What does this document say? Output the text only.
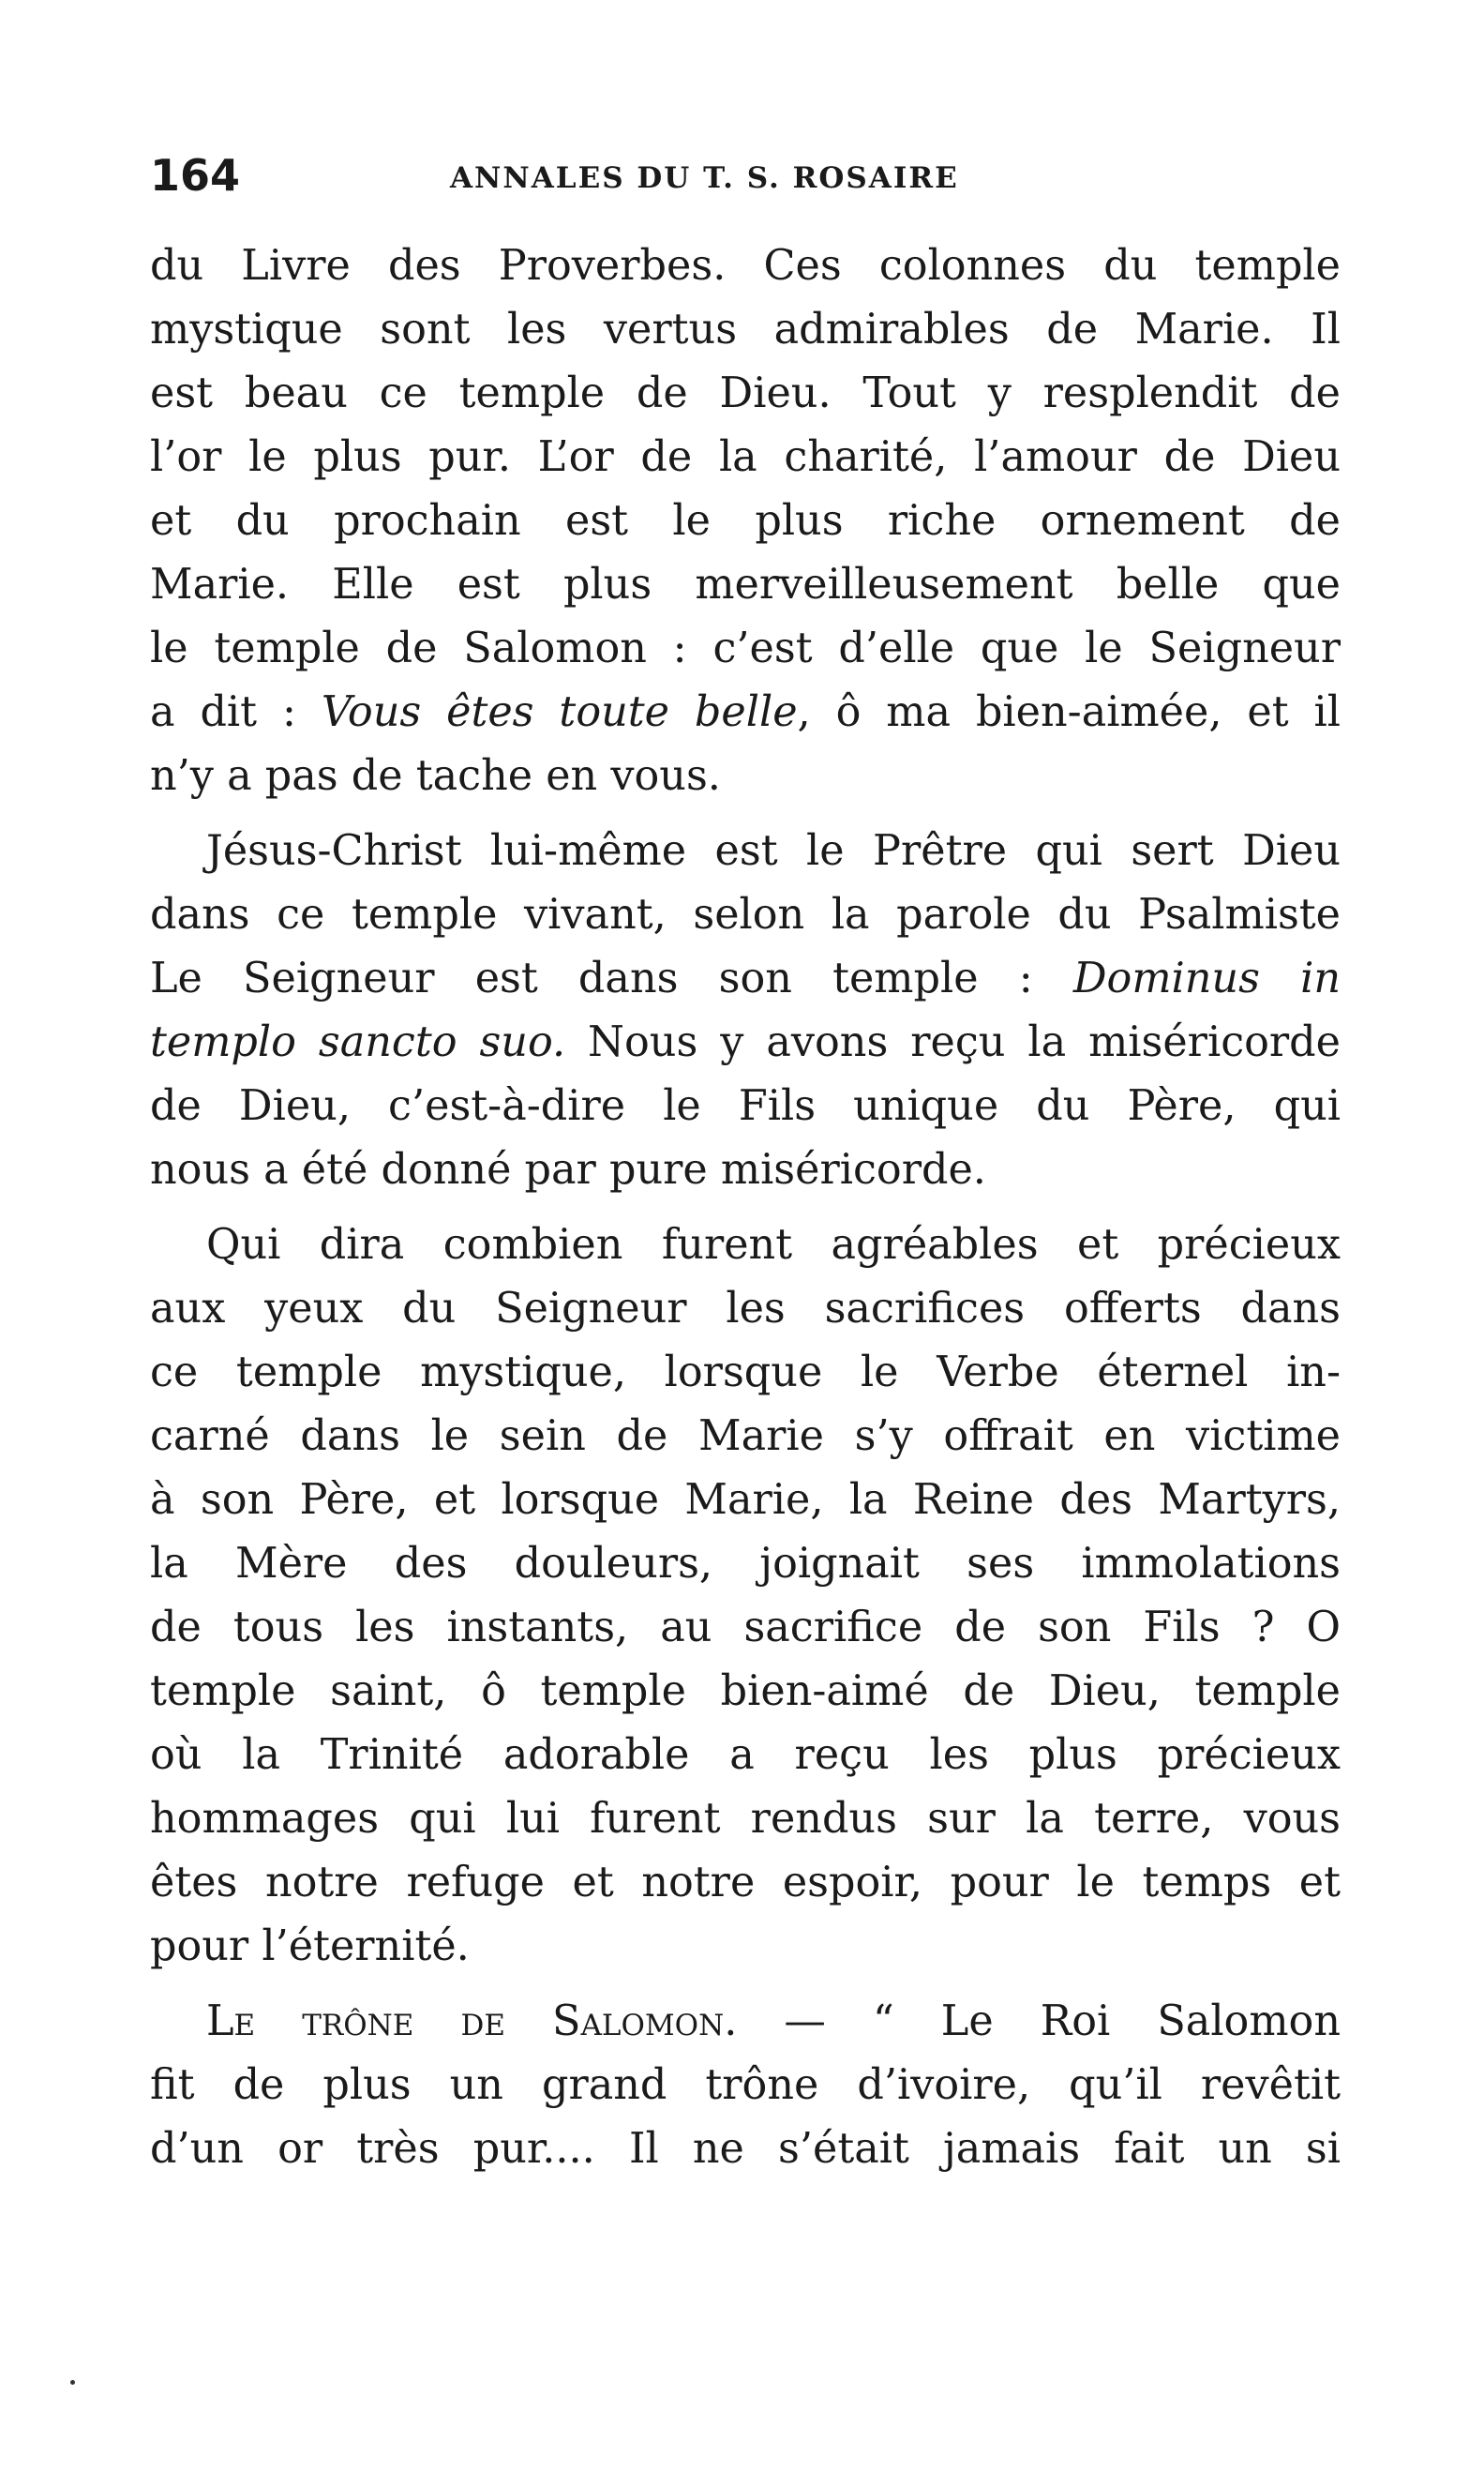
164	ANNALES DU T. S. ROSAIRE
du Livre des Proverbes. Ces colonnes du temple
mystique sont les vertus admirables de Marie. Il
est beau ce temple de Dieu. Tout y resplendit de
l’or le plus pur. L’or de la charité, l’amour de Dieu
et du prochain est le plus riche ornement de
Marie. Elle est plus merveilleusement belle que
le temple de Salomon : c’est d’elle que le Seigneur
a dit : Vous êtes toute belle, ô ma bien-aimée, et il
n’y a pas de tache en vous.
Jésus-Christ lui-même est le Prêtre qui sert Dieu
dans ce temple vivant, selon la parole du Psalmiste
Le Seigneur est dans son temple : Dominus in
templo sancto suo. Nous y avons reçu la miséricorde
de Dieu, c’est-à-dire le Fils unique du Père, qui
nous a été donné par pure miséricorde.
Qui dira combien furent agréables et précieux
aux yeux du Seigneur les sacrifices offerts dans
ce temple mystique, lorsque le Verbe éternel in-
carné dans le sein de Marie s’y offrait en victime
à son Père, et lorsque Marie, la Reine des Martyrs,
la Mère des douleurs, joignait ses immolations
de tous les instants, au sacrifice de son Fils ? O
temple saint, ô temple bien-aimé de Dieu, temple
où la Trinité adorable a reçu les plus précieux
hommages qui lui furent rendus sur la terre, vous
êtes notre refuge et notre espoir, pour le temps et
pour l’éternité.
Le trône de Salomon. — “ Le Roi Salomon
fit de plus un grand trône d’ivoire, qu’il revêtit
d’un or très pur.... Il ne s’était jamais fait un si
